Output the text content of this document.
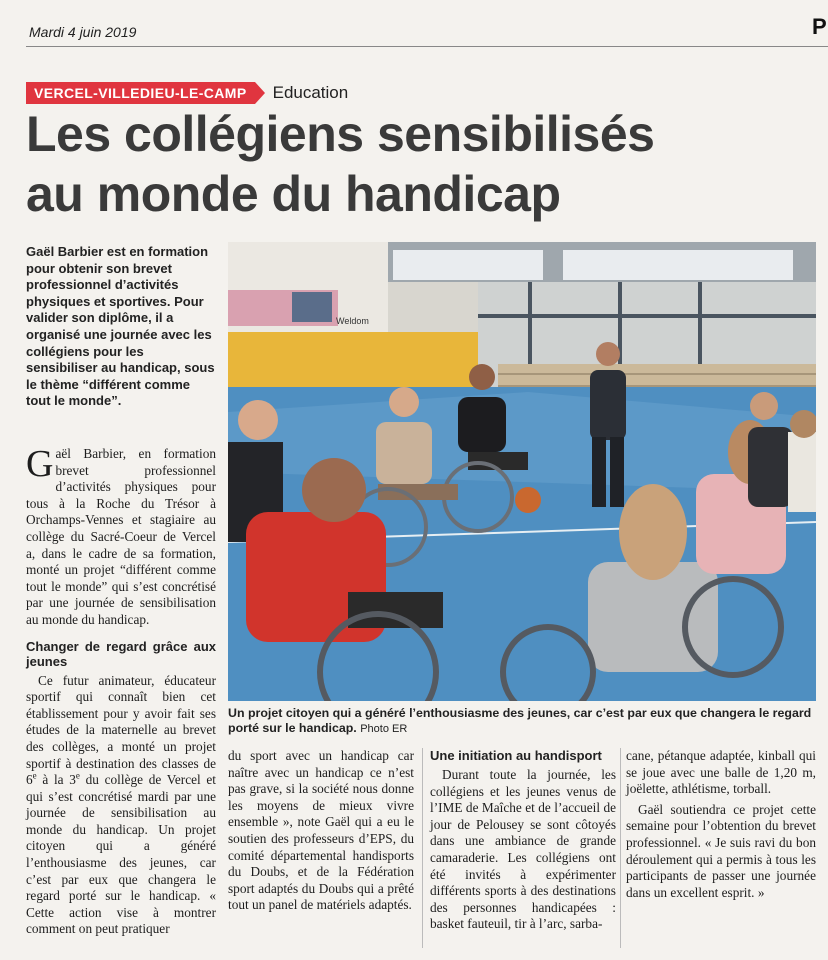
Mardi 4 juin 2019	P
VERCEL-VILLEDIEU-LE-CAMP	Education
Les collégiens sensibilisés
au monde du handicap

Gaël Barbier est en formation pour obtenir son brevet professionnel d’activités physiques et sportives. Pour valider son diplôme, il a organisé une journée avec les collégiens pour les sensibiliser au handicap, sous le thème “différent comme tout le monde”.

Gaël Barbier, en formation brevet professionnel d’activités physiques pour tous à la Roche du Trésor à Orchamps-Vennes et stagiaire au collège du Sacré-Coeur de Vercel a, dans le cadre de sa formation, monté un projet “différent comme tout le monde” qui s’est concrétisé par une journée de sensibilisation au monde du handicap.

Changer de regard grâce aux jeunes

Ce futur animateur, éducateur sportif qui connaît bien cet établissement pour y avoir fait ses études de la maternelle au brevet des collèges, a monté un projet sportif à destination des classes de 6e à la 3e du collège de Vercel et qui s’est concrétisé mardi par une journée de sensibilisation au monde du handicap. Un projet citoyen qui a généré l’enthousiasme des jeunes, car c’est par eux que changera le regard porté sur le handicap. « Cette action vise à montrer comment on peut pratiquer

Weldom
Un projet citoyen qui a généré l’enthousiasme des jeunes, car c’est par eux que changera le regard porté sur le handicap. Photo ER

du sport avec un handicap car naître avec un handicap ce n’est pas grave, si la société nous donne les moyens de mieux vivre ensemble », note Gaël qui a eu le soutien des professeurs d’EPS, du comité départemental handisports du Doubs, et de la Fédération sport adaptés du Doubs qui a prêté tout un panel de matériels adaptés.

Une initiation au handisport

Durant toute la journée, les collégiens et les jeunes venus de l’IME de Maîche et de l’accueil de jour de Pelousey se sont côtoyés dans une ambiance de grande camaraderie. Les collégiens ont été invités à expérimenter différents sports à des destinations des personnes handicapées : basket fauteuil, tir à l’arc, sarba-

cane, pétanque adaptée, kinball qui se joue avec une balle de 1,20 m, joëlette, athlétisme, torball.

Gaël soutiendra ce projet cette semaine pour l’obtention du brevet professionnel. « Je suis ravi du bon déroulement qui a permis à tous les participants de passer une journée dans un excellent esprit. »
